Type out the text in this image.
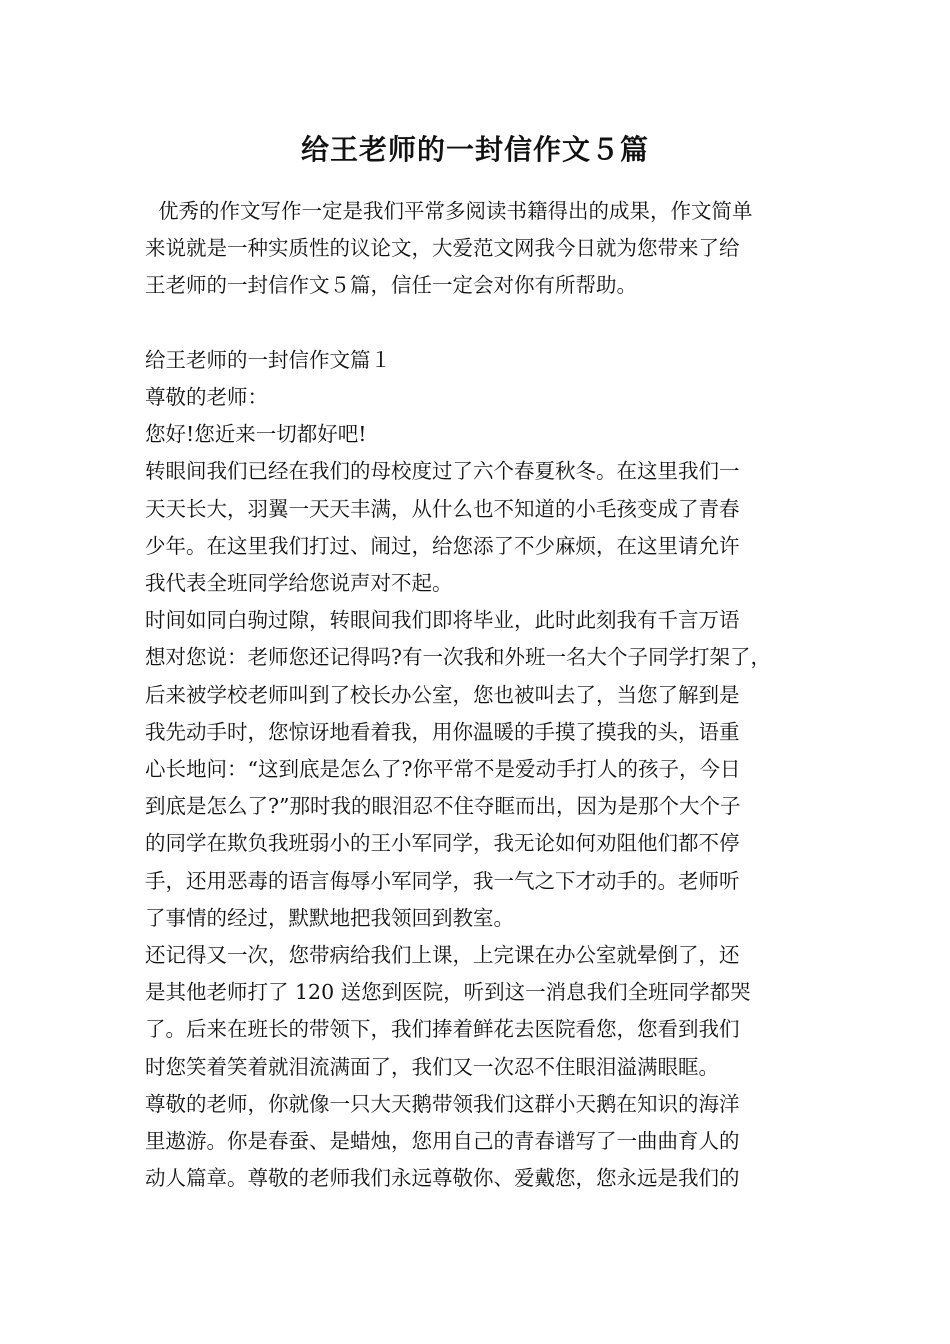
给王老师的一封信作文５篇

优秀的作文写作一定是我们平常多阅读书籍得出的成果，作文简单

来说就是一种实质性的议论文，大爱范文网我今日就为您带来了给

王老师的一封信作文５篇，信任一定会对你有所帮助。

给王老师的一封信作文篇１

尊敬的老师：

您好!您近来一切都好吧!

转眼间我们已经在我们的母校度过了六个春夏秋冬。在这里我们一

天天长大，羽翼一天天丰满，从什么也不知道的小毛孩变成了青春

少年。在这里我们打过、闹过，给您添了不少麻烦，在这里请允许

我代表全班同学给您说声对不起。

时间如同白驹过隙，转眼间我们即将毕业，此时此刻我有千言万语

想对您说：老师您还记得吗?有一次我和外班一名大个子同学打架了，

后来被学校老师叫到了校长办公室，您也被叫去了，当您了解到是

我先动手时，您惊讶地看着我，用你温暖的手摸了摸我的头，语重

心长地问：“这到底是怎么了?你平常不是爱动手打人的孩子，今日

到底是怎么了?”那时我的眼泪忍不住夺眶而出，因为是那个大个子

的同学在欺负我班弱小的王小军同学，我无论如何劝阻他们都不停

手，还用恶毒的语言侮辱小军同学，我一气之下才动手的。老师听

了事情的经过，默默地把我领回到教室。

还记得又一次，您带病给我们上课，上完课在办公室就晕倒了，还

是其他老师打了 120 送您到医院，听到这一消息我们全班同学都哭

了。后来在班长的带领下，我们捧着鲜花去医院看您，您看到我们

时您笑着笑着就泪流满面了，我们又一次忍不住眼泪溢满眼眶。

尊敬的老师，你就像一只大天鹅带领我们这群小天鹅在知识的海洋

里遨游。你是春蚕、是蜡烛，您用自己的青春谱写了一曲曲育人的

动人篇章。尊敬的老师我们永远尊敬你、爱戴您，您永远是我们的
